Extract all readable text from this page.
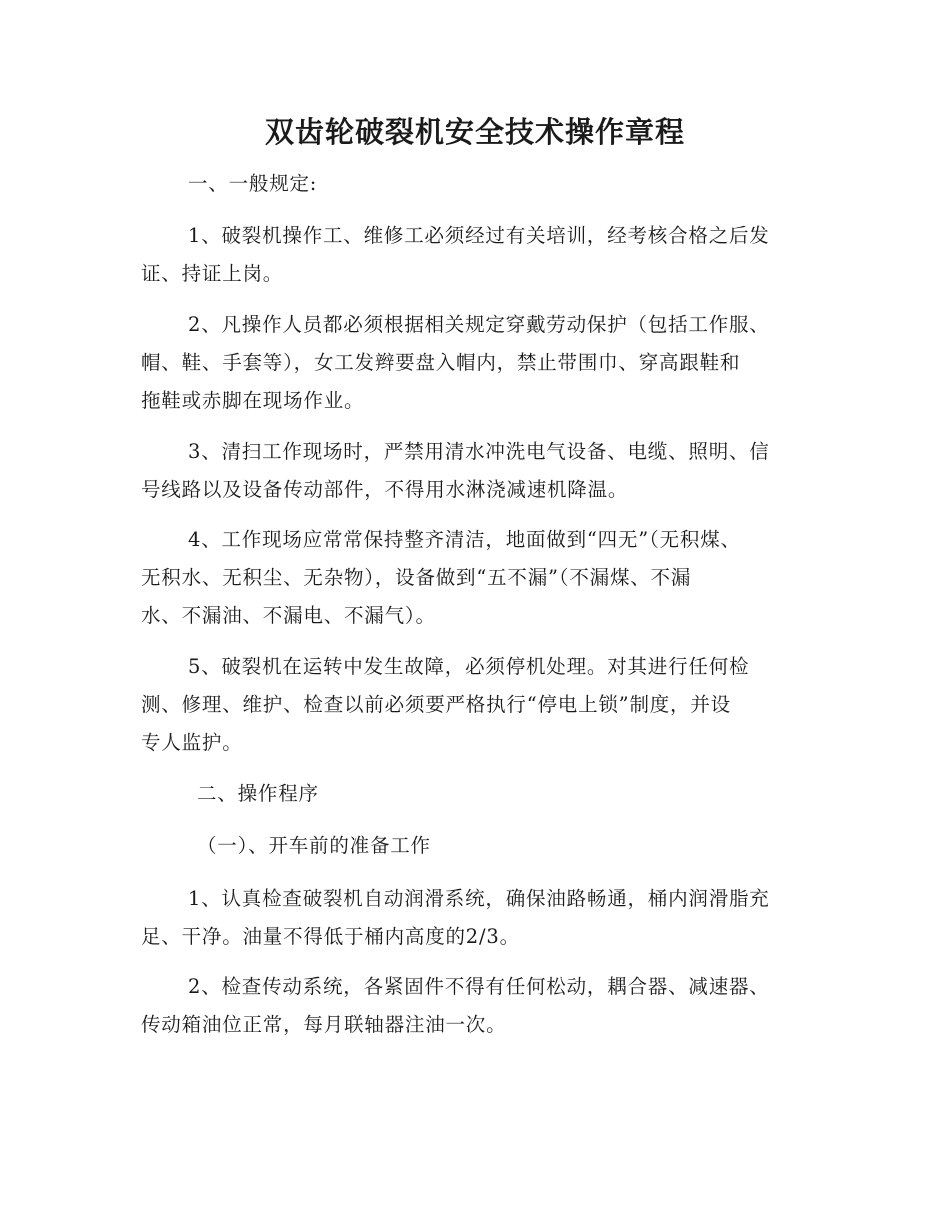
双齿轮破裂机安全技术操作章程

一、一般规定:

1、破裂机操作工、维修工必须经过有关培训，经考核合格之后发
证、持证上岗。

2、凡操作人员都必须根据相关规定穿戴劳动保护（包括工作服、
帽、鞋、手套等），女工发辫要盘入帽内，禁止带围巾、穿高跟鞋和
拖鞋或赤脚在现场作业。

3、清扫工作现场时，严禁用清水冲洗电气设备、电缆、照明、信
号线路以及设备传动部件，不得用水淋浇减速机降温。

4、工作现场应常常保持整齐清洁，地面做到“四无”（无积煤、
无积水、无积尘、无杂物），设备做到“五不漏”（不漏煤、不漏
水、不漏油、不漏电、不漏气）。

5、破裂机在运转中发生故障，必须停机处理。对其进行任何检
测、修理、维护、检查以前必须要严格执行“停电上锁”制度，并设
专人监护。

二、操作程序

（一）、开车前的准备工作

1、认真检查破裂机自动润滑系统，确保油路畅通，桶内润滑脂充
足、干净。油量不得低于桶内高度的2/3。

2、检查传动系统，各紧固件不得有任何松动，耦合器、减速器、
传动箱油位正常，每月联轴器注油一次。
